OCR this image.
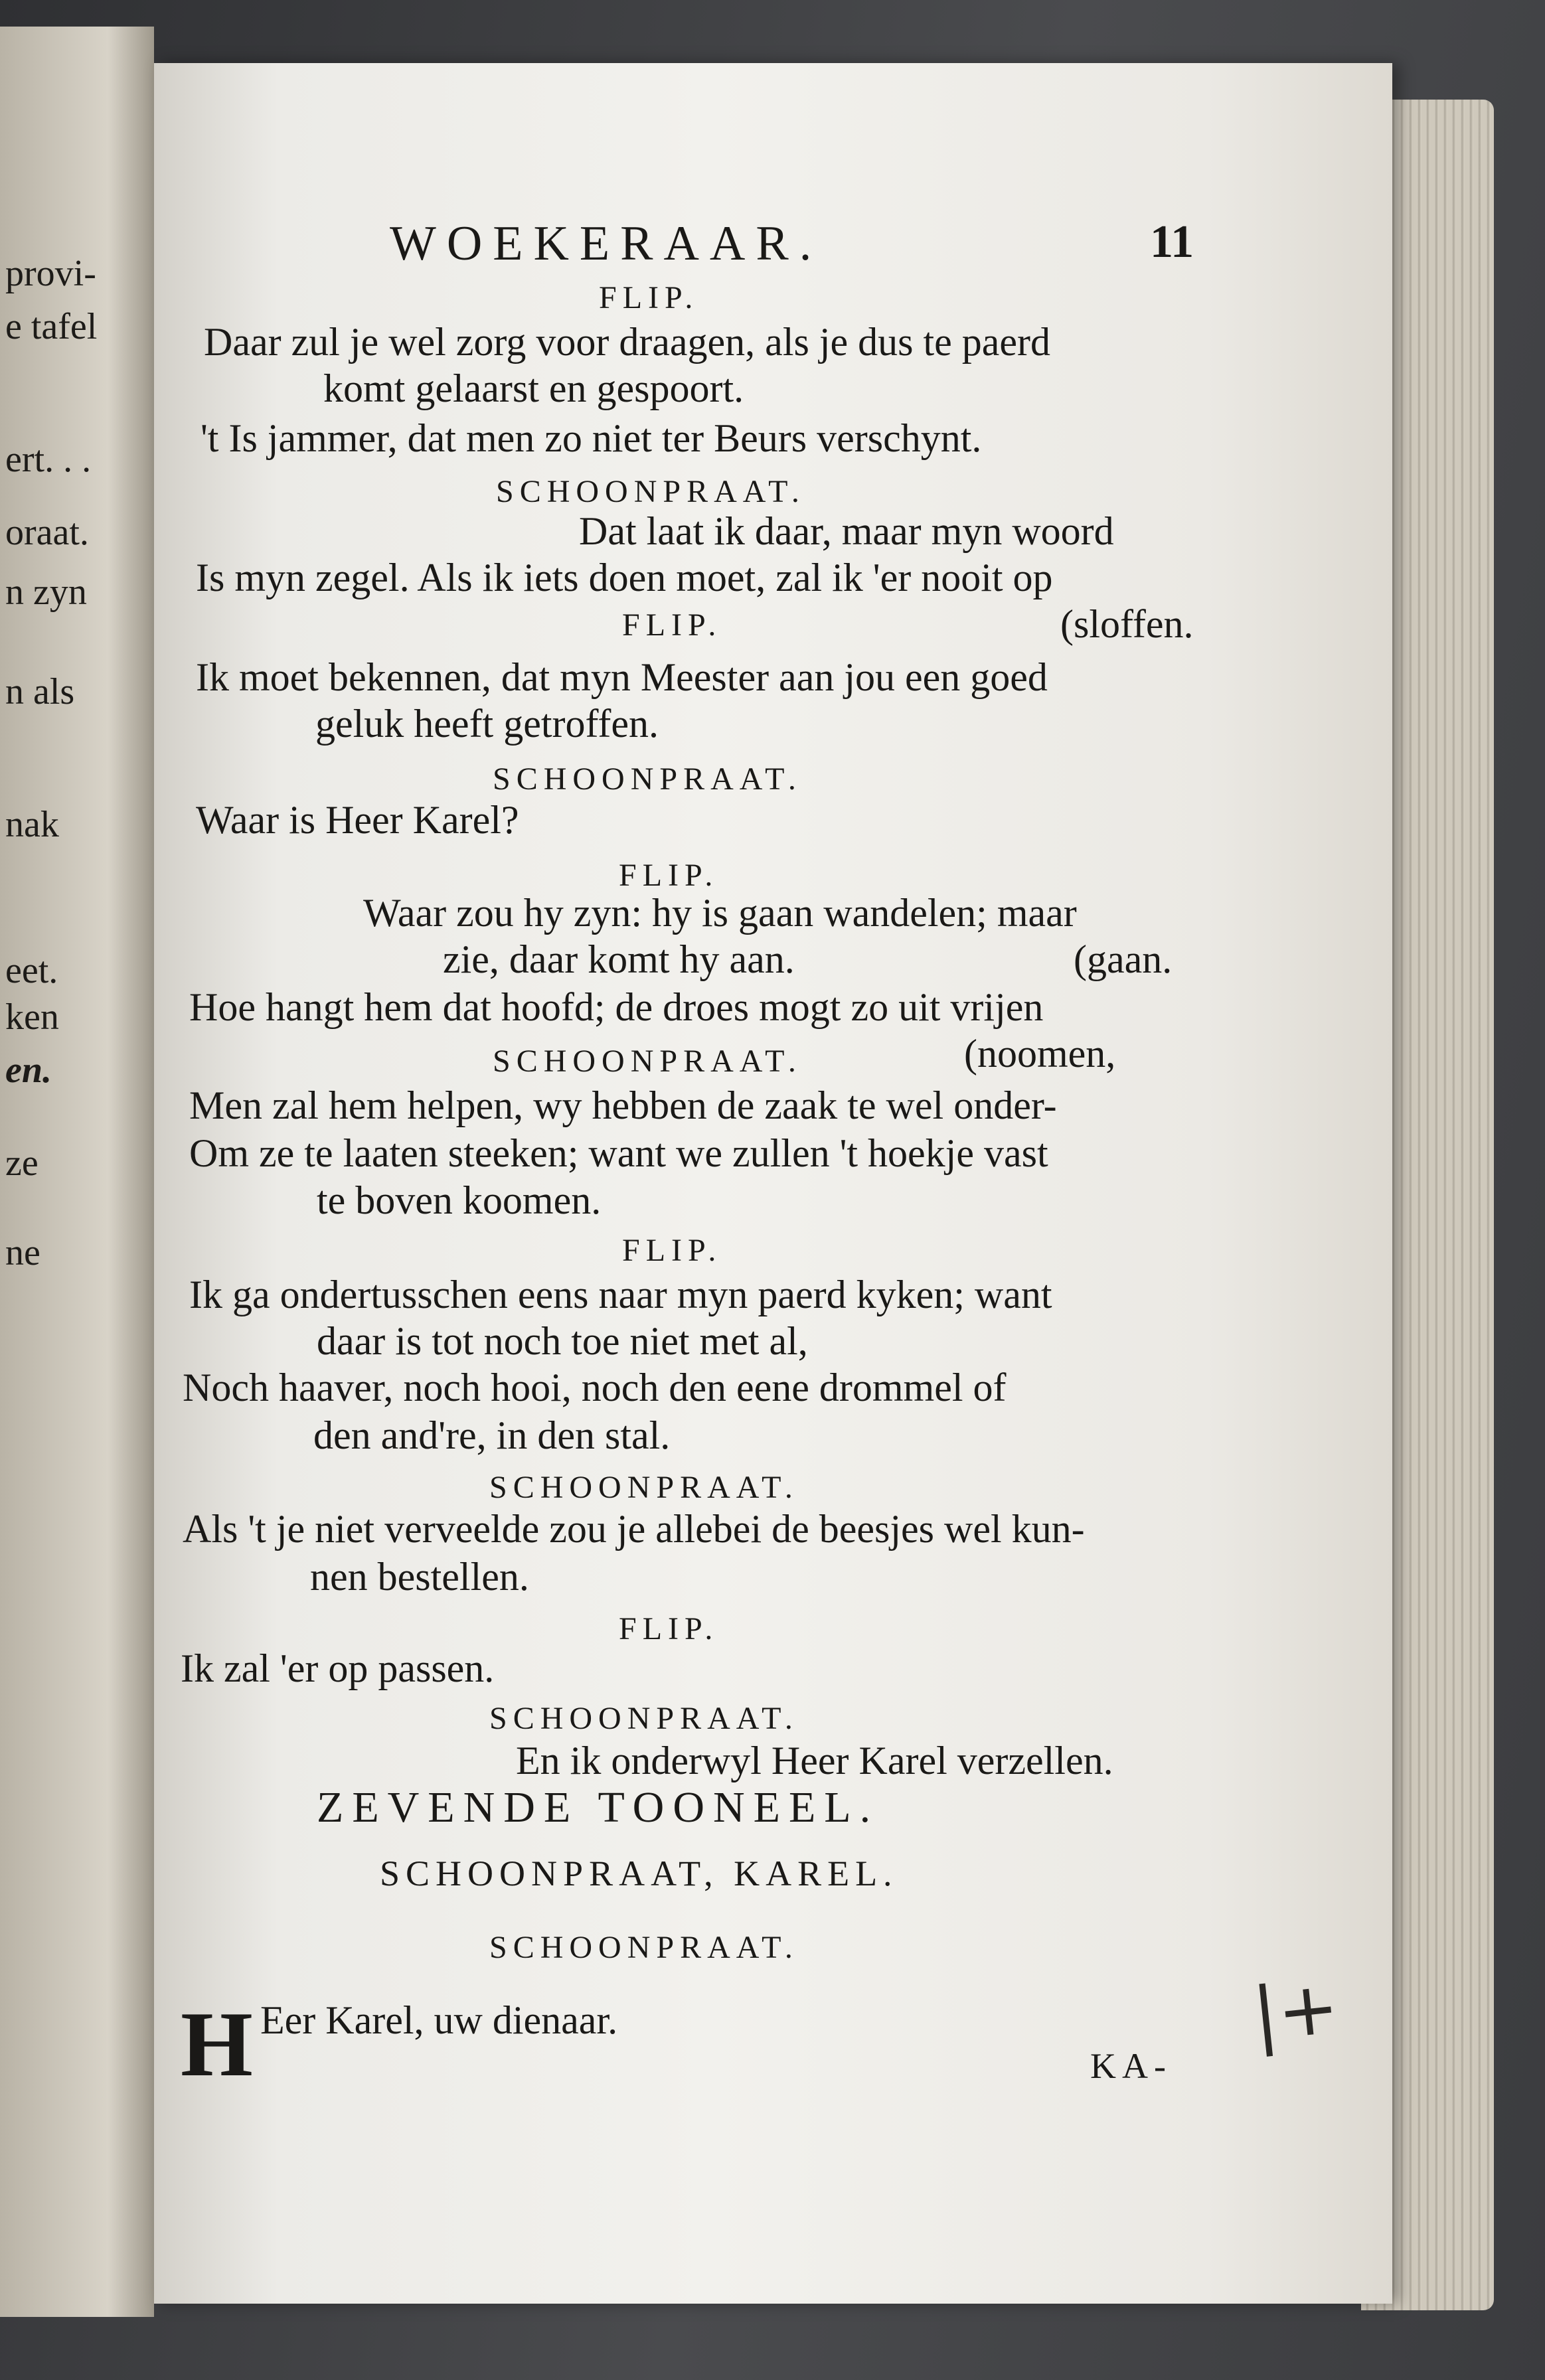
provi-
e tafel
ert. . .
oraat.
n zyn
n als
nak
eet.
ken
en.
ze
ne
WOEKERAAR.	11
FLIP.
Daar zul je wel zorg voor draagen, als je dus te paerd
komt gelaarst en gespoort.
't Is jammer, dat men zo niet ter Beurs verschynt.
SCHOONPRAAT.
Dat laat ik daar, maar myn woord
Is myn zegel. Als ik iets doen moet, zal ik 'er nooit op
FLIP.	(sloffen.
Ik moet bekennen, dat myn Meester aan jou een goed
geluk heeft getroffen.
SCHOONPRAAT.
Waar is Heer Karel?
FLIP.
Waar zou hy zyn: hy is gaan wandelen; maar
zie, daar komt hy aan.	(gaan.
Hoe hangt hem dat hoofd; de droes mogt zo uit vrijen
SCHOONPRAAT.	(noomen,
Men zal hem helpen, wy hebben de zaak te wel onder-
Om ze te laaten steeken; want we zullen 't hoekje vast
te boven koomen.
FLIP.
Ik ga ondertusschen eens naar myn paerd kyken; want
daar is tot noch toe niet met al,
Noch haaver, noch hooi, noch den eene drommel of
den and're, in den stal.
SCHOONPRAAT.
Als 't je niet verveelde zou je allebei de beesjes wel kun-
nen bestellen.
FLIP.
Ik zal 'er op passen.
SCHOONPRAAT.
En ik onderwyl Heer Karel verzellen.
ZEVENDE TOONEEL.
SCHOONPRAAT, KAREL.
SCHOONPRAAT.
H Eer Karel, uw dienaar.
KA-
|+
